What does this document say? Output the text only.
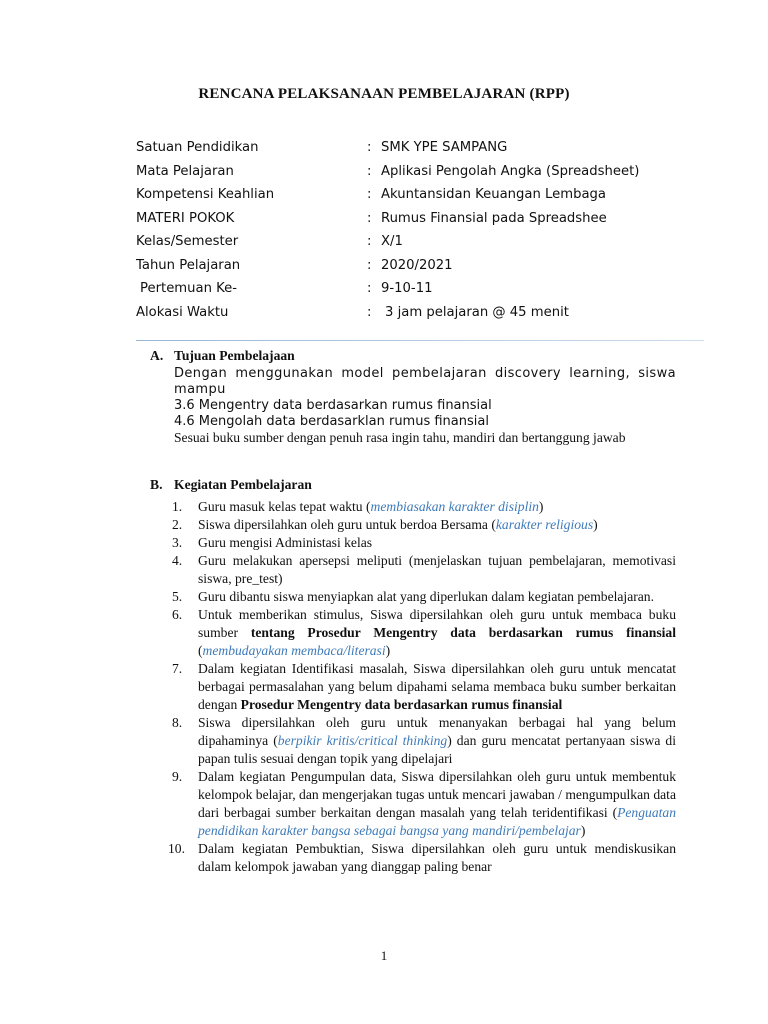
RENCANA PELAKSANAAN PEMBELAJARAN (RPP)
Satuan Pendidikan	: SMK YPE SAMPANG
Mata Pelajaran	: Aplikasi Pengolah Angka (Spreadsheet)
Kompetensi Keahlian	: Akuntansidan Keuangan Lembaga
MATERI POKOK	: Rumus Finansial pada Spreadshee
Kelas/Semester	: X/1
Tahun Pelajaran	: 2020/2021
Pertemuan Ke-	: 9-10-11
Alokasi Waktu	: 3 jam pelajaran @ 45 menit
A. Tujuan Pembelajaan
Dengan menggunakan model pembelajaran discovery learning, siswa mampu
3.6 Mengentry data berdasarkan rumus finansial
4.6 Mengolah data berdasarklan rumus finansial
Sesuai buku sumber dengan penuh rasa ingin tahu, mandiri dan bertanggung jawab
B. Kegiatan Pembelajaran
1. Guru masuk kelas tepat waktu (membiasakan karakter disiplin)
2. Siswa dipersilahkan oleh guru untuk berdoa Bersama (karakter religious)
3. Guru mengisi Administasi kelas
4. Guru melakukan apersepsi meliputi (menjelaskan tujuan pembelajaran, memotivasi siswa, pre_test)
5. Guru dibantu siswa menyiapkan alat yang diperlukan dalam kegiatan pembelajaran.
6. Untuk memberikan stimulus, Siswa dipersilahkan oleh guru untuk membaca buku sumber tentang Prosedur Mengentry data berdasarkan rumus finansial (membudayakan membaca/literasi)
7. Dalam kegiatan Identifikasi masalah, Siswa dipersilahkan oleh guru untuk mencatat berbagai permasalahan yang belum dipahami selama membaca buku sumber berkaitan dengan Prosedur Mengentry data berdasarkan rumus finansial
8. Siswa dipersilahkan oleh guru untuk menanyakan berbagai hal yang belum dipahaminya (berpikir kritis/critical thinking) dan guru mencatat pertanyaan siswa di papan tulis sesuai dengan topik yang dipelajari
9. Dalam kegiatan Pengumpulan data, Siswa dipersilahkan oleh guru untuk membentuk kelompok belajar, dan mengerjakan tugas untuk mencari jawaban / mengumpulkan data dari berbagai sumber berkaitan dengan masalah yang telah teridentifikasi (Penguatan pendidikan karakter bangsa sebagai bangsa yang mandiri/pembelajar)
10. Dalam kegiatan Pembuktian, Siswa dipersilahkan oleh guru untuk mendiskusikan dalam kelompok jawaban yang dianggap paling benar
1
